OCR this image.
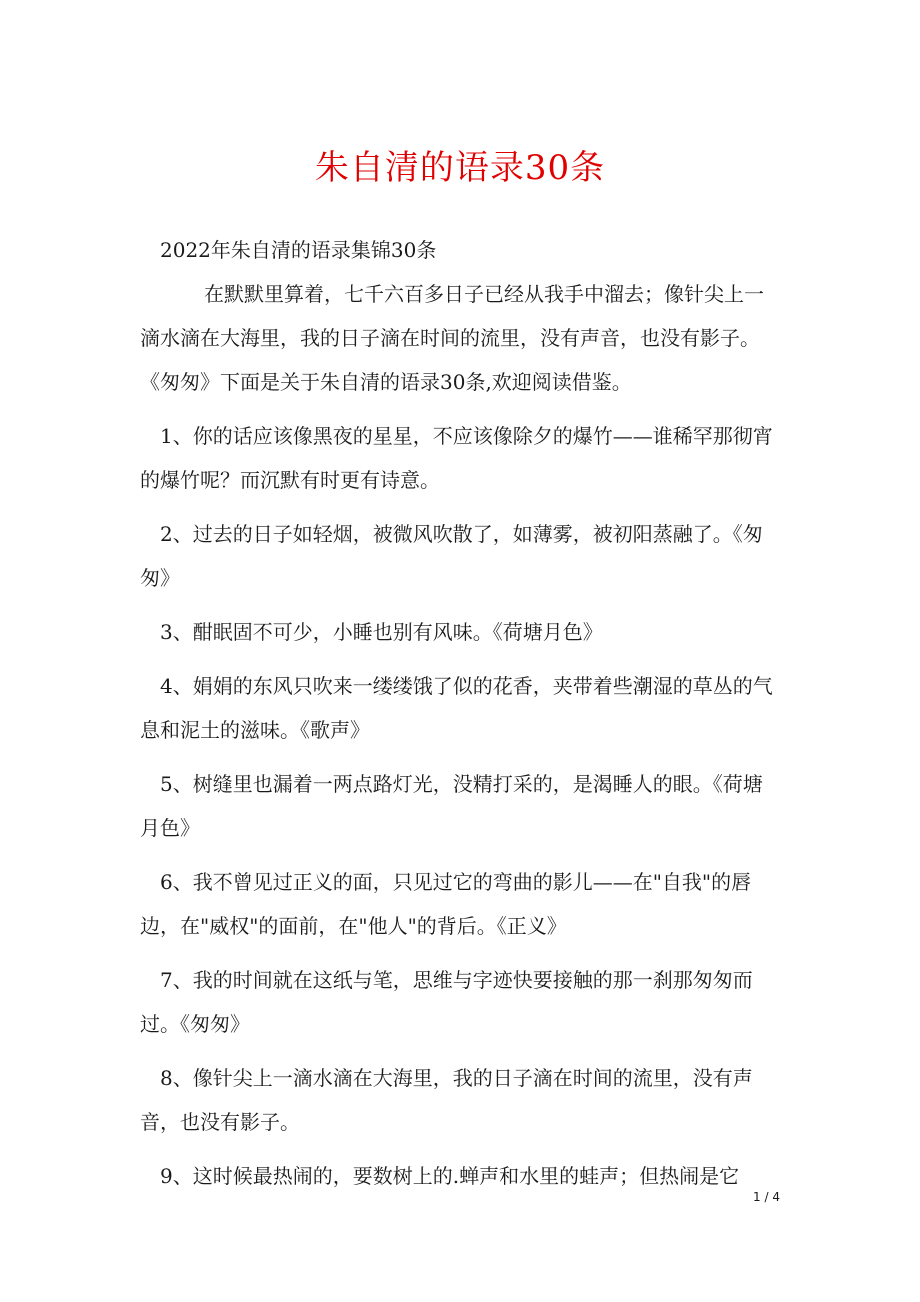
朱自清的语录30条

2022年朱自清的语录集锦30条

在默默里算着，七千六百多日子已经从我手中溜去；像针尖上一滴水滴在大海里，我的日子滴在时间的流里，没有声音，也没有影子。《匆匆》下面是关于朱自清的语录30条,欢迎阅读借鉴。

1、你的话应该像黑夜的星星，不应该像除夕的爆竹——谁稀罕那彻宵的爆竹呢？而沉默有时更有诗意。

2、过去的日子如轻烟，被微风吹散了，如薄雾，被初阳蒸融了。《匆匆》

3、酣眠固不可少，小睡也别有风味。《荷塘月色》

4、娟娟的东风只吹来一缕缕饿了似的花香，夹带着些潮湿的草丛的气息和泥土的滋味。《歌声》

5、树缝里也漏着一两点路灯光，没精打采的，是渴睡人的眼。《荷塘月色》

6、我不曾见过正义的面，只见过它的弯曲的影儿——在"自我"的唇边，在"威权"的面前，在"他人"的背后。《正义》

7、我的时间就在这纸与笔，思维与字迹快要接触的那一刹那匆匆而过。《匆匆》

8、像针尖上一滴水滴在大海里，我的日子滴在时间的流里，没有声音，也没有影子。

9、这时候最热闹的，要数树上的.蝉声和水里的蛙声；但热闹是它

1 / 4
